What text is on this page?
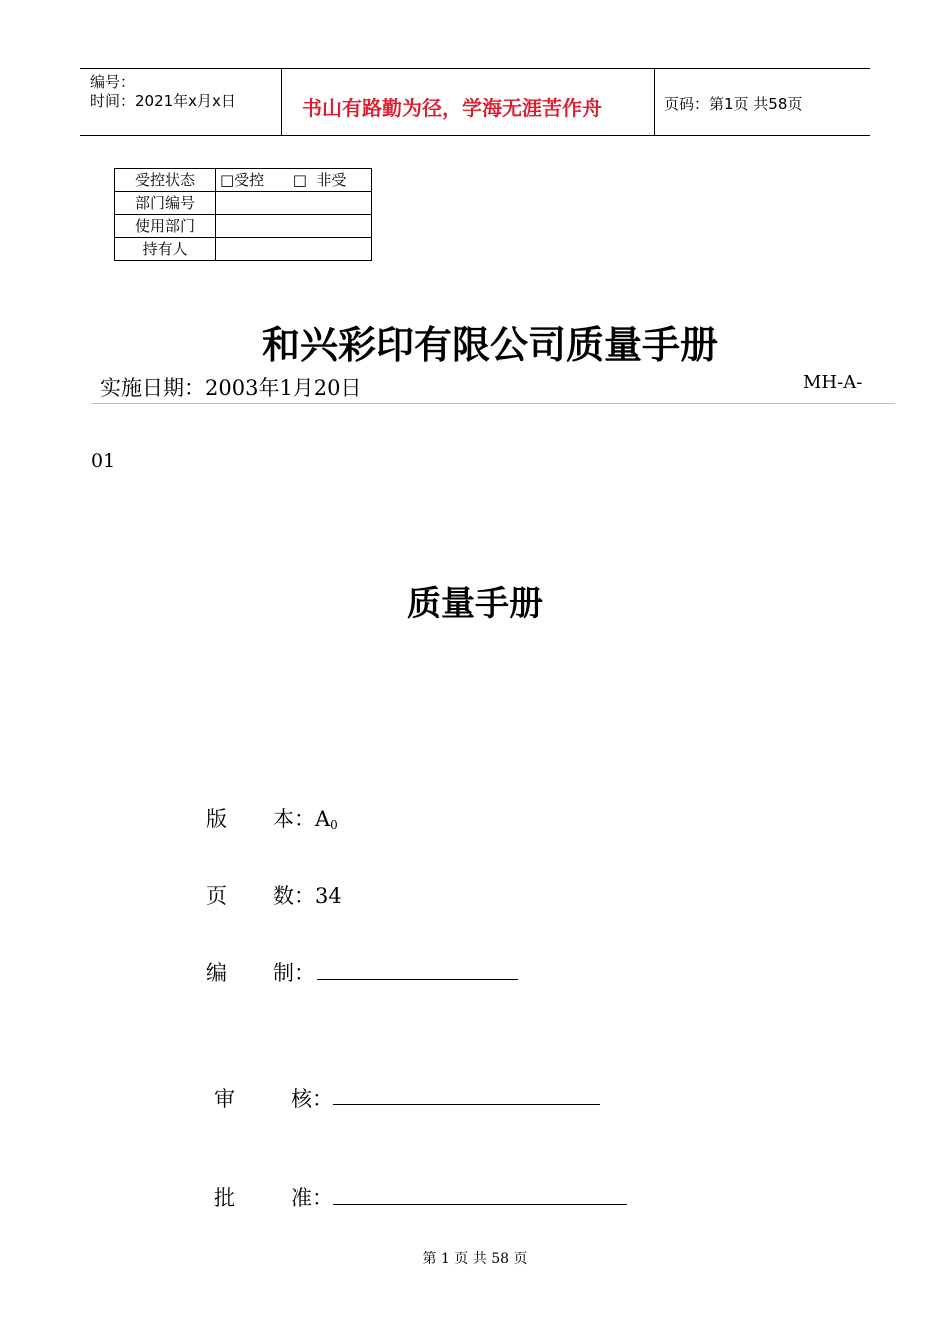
编号：
时间：2021年x月x日	书山有路勤为径，学海无涯苦作舟	页码：第1页 共58页
受控状态	□受控      □  非受
部门编号	
使用部门	
持有人	
和兴彩印有限公司质量手册
实施日期：2003年1月20日	MH-A-
01
质量手册
版 本：$A_0$
页 数：34
编 制：
审	核：
批	准：
第 1 页 共 58 页
